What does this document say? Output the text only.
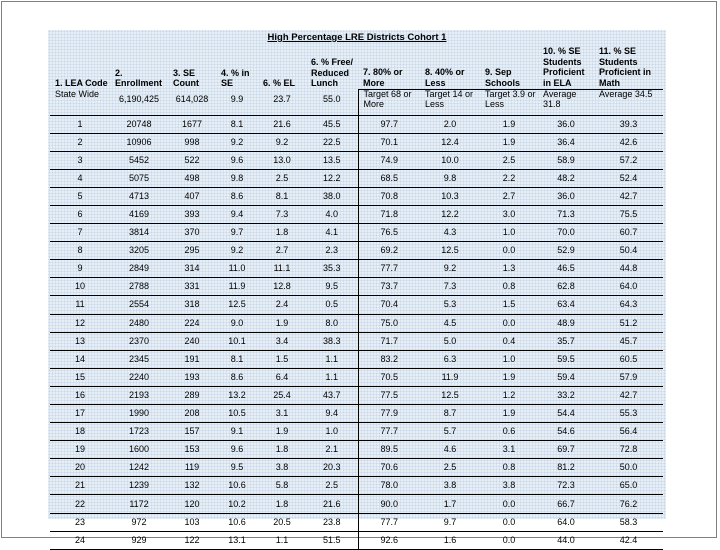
High Percentage LRE Districts Cohort 1
1. LEA Code	2. Enrollment	3. SE Count	4. % in SE	6. % EL	6. % Free/ Reduced Lunch	7. 80% or More	8. 40% or Less	9. Sep Schools	10. % SE Students Proficient in ELA	11. % SE Students Proficient in Math
State Wide	6,190,425	614,028	9.9	23.7	55.0	Target 68 or More	Target 14 or Less	Target 3.9 or Less	Average 31.8	Average 34.5
1	20748	1677	8.1	21.6	45.5	97.7	2.0	1.9	36.0	39.3
2	10906	998	9.2	9.2	22.5	70.1	12.4	1.9	36.4	42.6
3	5452	522	9.6	13.0	13.5	74.9	10.0	2.5	58.9	57.2
4	5075	498	9.8	2.5	12.2	68.5	9.8	2.2	48.2	52.4
5	4713	407	8.6	8.1	38.0	70.8	10.3	2.7	36.0	42.7
6	4169	393	9.4	7.3	4.0	71.8	12.2	3.0	71.3	75.5
7	3814	370	9.7	1.8	4.1	76.5	4.3	1.0	70.0	60.7
8	3205	295	9.2	2.7	2.3	69.2	12.5	0.0	52.9	50.4
9	2849	314	11.0	11.1	35.3	77.7	9.2	1.3	46.5	44.8
10	2788	331	11.9	12.8	9.5	73.7	7.3	0.8	62.8	64.0
11	2554	318	12.5	2.4	0.5	70.4	5.3	1.5	63.4	64.3
12	2480	224	9.0	1.9	8.0	75.0	4.5	0.0	48.9	51.2
13	2370	240	10.1	3.4	38.3	71.7	5.0	0.4	35.7	45.7
14	2345	191	8.1	1.5	1.1	83.2	6.3	1.0	59.5	60.5
15	2240	193	8.6	6.4	1.1	70.5	11.9	1.9	59.4	57.9
16	2193	289	13.2	25.4	43.7	77.5	12.5	1.2	33.2	42.7
17	1990	208	10.5	3.1	9.4	77.9	8.7	1.9	54.4	55.3
18	1723	157	9.1	1.9	1.0	77.7	5.7	0.6	54.6	56.4
19	1600	153	9.6	1.8	2.1	89.5	4.6	3.1	69.7	72.8
20	1242	119	9.5	3.8	20.3	70.6	2.5	0.8	81.2	50.0
21	1239	132	10.6	5.8	2.5	78.0	3.8	3.8	72.3	65.0
22	1172	120	10.2	1.8	21.6	90.0	1.7	0.0	66.7	76.2
23	972	103	10.6	20.5	23.8	77.7	9.7	0.0	64.0	58.3
24	929	122	13.1	1.1	51.5	92.6	1.6	0.0	44.0	42.4
